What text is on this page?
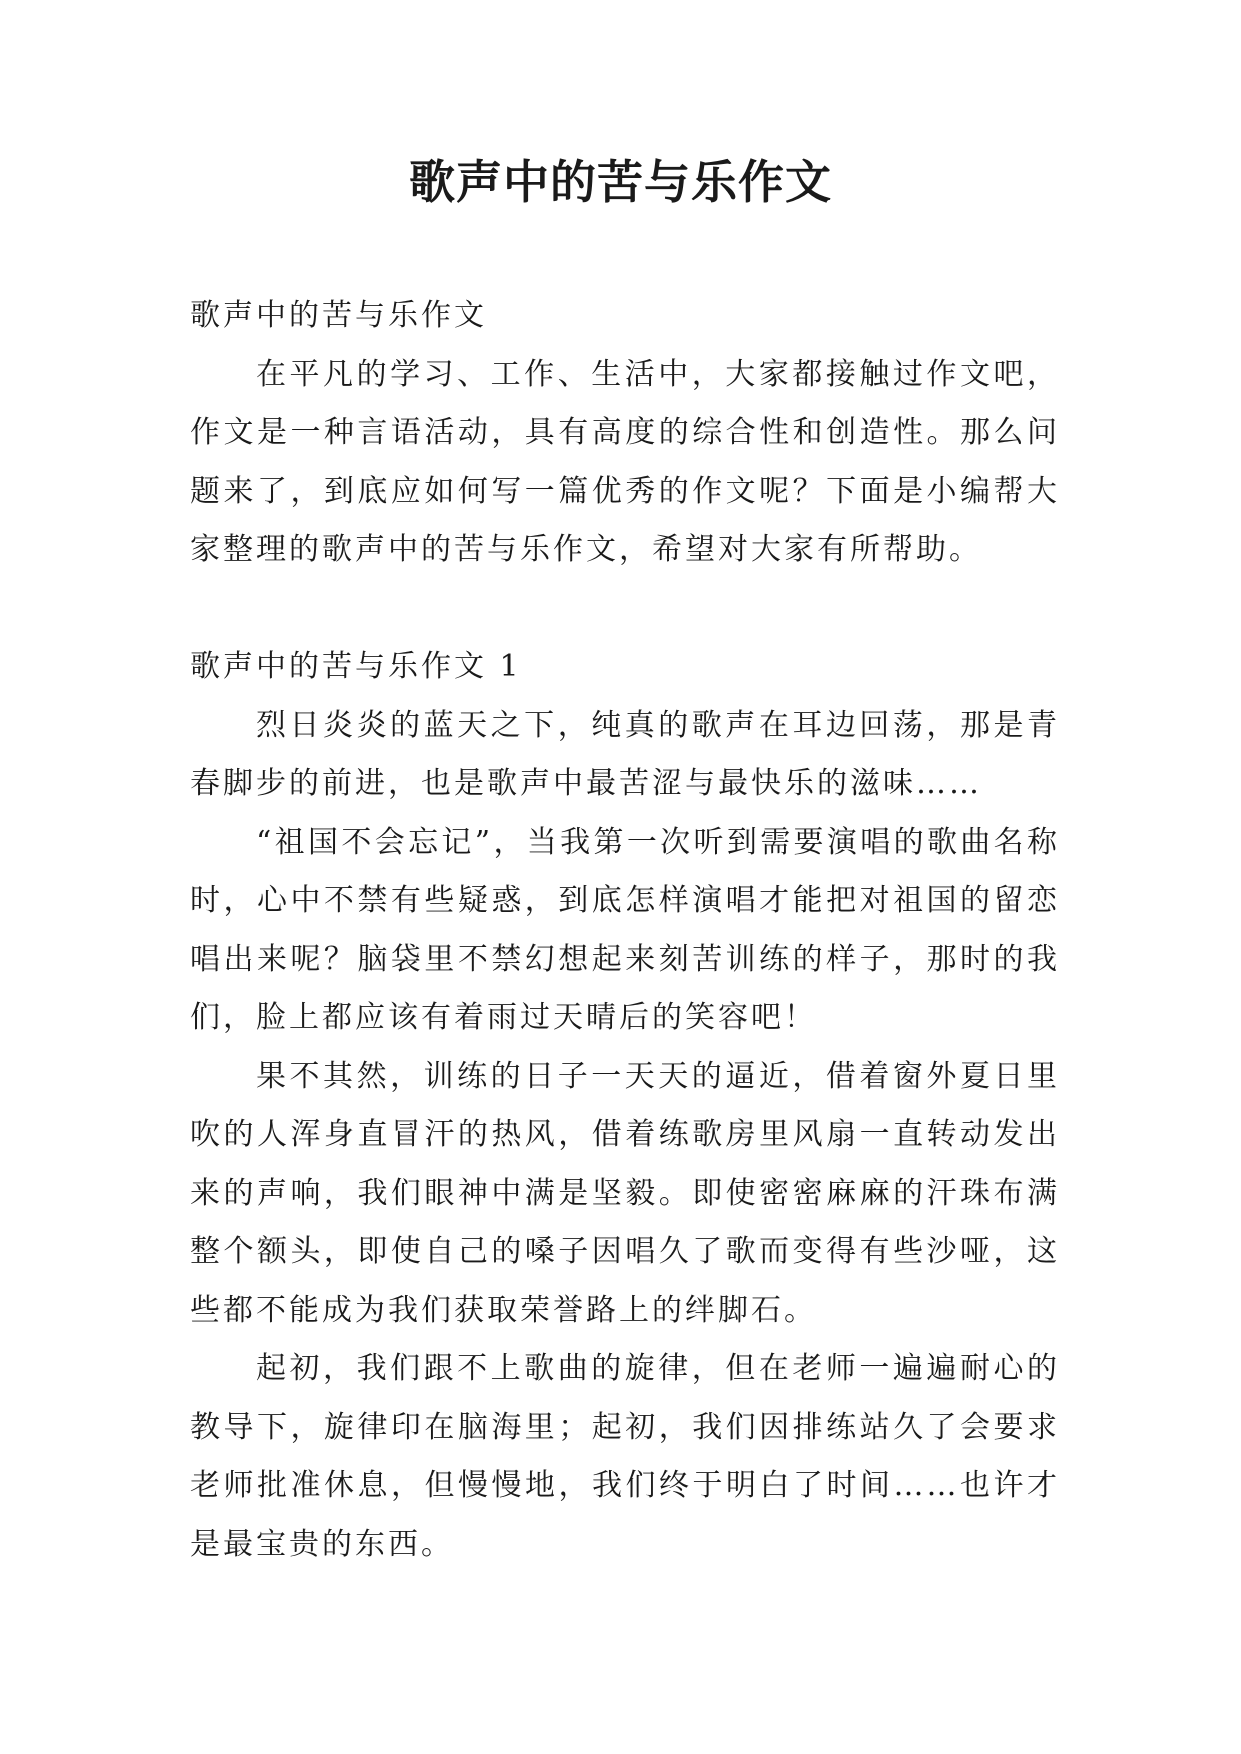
歌声中的苦与乐作文

歌声中的苦与乐作文

在平凡的学习、工作、生活中，大家都接触过作文吧，作文是一种言语活动，具有高度的综合性和创造性。那么问题来了，到底应如何写一篇优秀的作文呢？下面是小编帮大家整理的歌声中的苦与乐作文，希望对大家有所帮助。

歌声中的苦与乐作文 1

烈日炎炎的蓝天之下，纯真的歌声在耳边回荡，那是青春脚步的前进，也是歌声中最苦涩与最快乐的滋味……

“祖国不会忘记”，当我第一次听到需要演唱的歌曲名称时，心中不禁有些疑惑，到底怎样演唱才能把对祖国的留恋唱出来呢？脑袋里不禁幻想起来刻苦训练的样子，那时的我们，脸上都应该有着雨过天晴后的笑容吧！

果不其然，训练的日子一天天的逼近，借着窗外夏日里吹的人浑身直冒汗的热风，借着练歌房里风扇一直转动发出来的声响，我们眼神中满是坚毅。即使密密麻麻的汗珠布满整个额头，即使自己的嗓子因唱久了歌而变得有些沙哑，这些都不能成为我们获取荣誉路上的绊脚石。

起初，我们跟不上歌曲的旋律，但在老师一遍遍耐心的教导下，旋律印在脑海里；起初，我们因排练站久了会要求老师批准休息，但慢慢地，我们终于明白了时间……也许才是最宝贵的东西。
